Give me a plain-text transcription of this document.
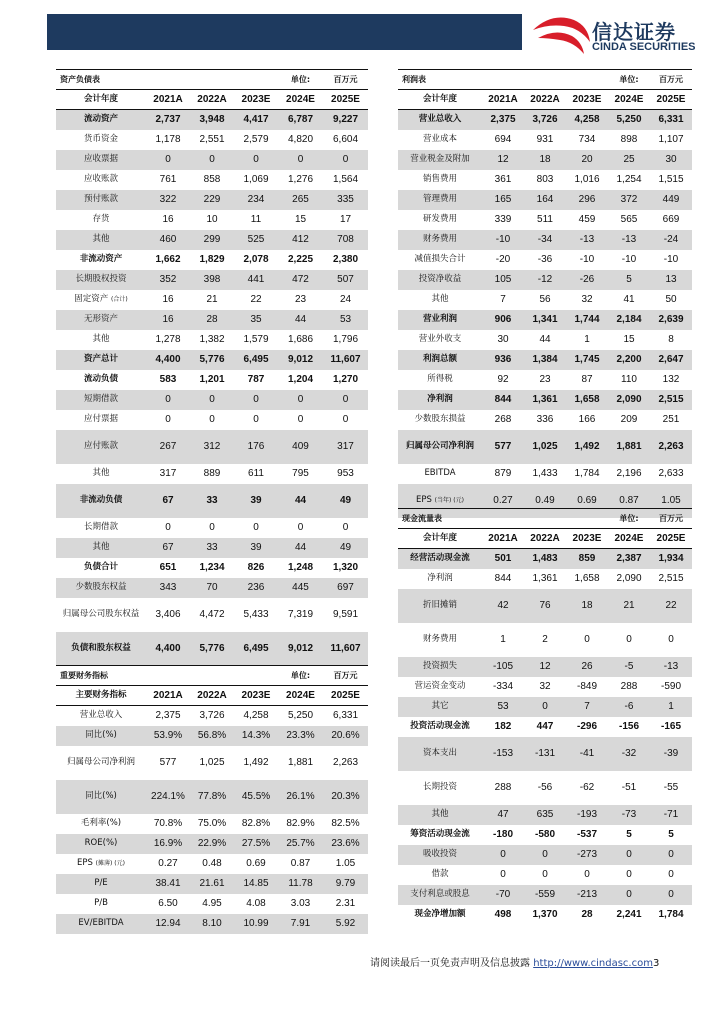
信达证券
CINDA SECURITIES
资产负债表				单位:	百万元
会计年度	2021A	2022A	2023E	2024E	2025E
流动资产	2,737	3,948	4,417	6,787	9,227
货币资金	1,178	2,551	2,579	4,820	6,604
应收票据	0	0	0	0	0
应收账款	761	858	1,069	1,276	1,564
预付账款	322	229	234	265	335
存货	16	10	11	15	17
其他	460	299	525	412	708
非流动资产	1,662	1,829	2,078	2,225	2,380
长期股权投资	352	398	441	472	507
固定资产 (合计)	16	21	22	23	24
无形资产	16	28	35	44	53
其他	1,278	1,382	1,579	1,686	1,796
资产总计	4,400	5,776	6,495	9,012	11,607
流动负债	583	1,201	787	1,204	1,270
短期借款	0	0	0	0	0
应付票据	0	0	0	0	0
应付账款	267	312	176	409	317
其他	317	889	611	795	953
非流动负债	67	33	39	44	49
长期借款	0	0	0	0	0
其他	67	33	39	44	49
负债合计	651	1,234	826	1,248	1,320
少数股东权益	343	70	236	445	697
归属母公司股东权益	3,406	4,472	5,433	7,319	9,591
负债和股东权益	4,400	5,776	6,495	9,012	11,607
重要财务指标				单位:	百万元
主要财务指标	2021A	2022A	2023E	2024E	2025E
营业总收入	2,375	3,726	4,258	5,250	6,331
同比(%)	53.9%	56.8%	14.3%	23.3%	20.6%
归属母公司净利润	577	1,025	1,492	1,881	2,263
同比(%)	224.1%	77.8%	45.5%	26.1%	20.3%
毛利率(%)	70.8%	75.0%	82.8%	82.9%	82.5%
ROE(%)	16.9%	22.9%	27.5%	25.7%	23.6%
EPS (摊薄) (元)	0.27	0.48	0.69	0.87	1.05
P/E	38.41	21.61	14.85	11.78	9.79
P/B	6.50	4.95	4.08	3.03	2.31
EV/EBITDA	12.94	8.10	10.99	7.91	5.92
利润表				单位:	百万元
会计年度	2021A	2022A	2023E	2024E	2025E
营业总收入	2,375	3,726	4,258	5,250	6,331
营业成本	694	931	734	898	1,107
营业税金及附加	12	18	20	25	30
销售费用	361	803	1,016	1,254	1,515
管理费用	165	164	296	372	449
研发费用	339	511	459	565	669
财务费用	-10	-34	-13	-13	-24
减值损失合计	-20	-36	-10	-10	-10
投资净收益	105	-12	-26	5	13
其他	7	56	32	41	50
营业利润	906	1,341	1,744	2,184	2,639
营业外收支	30	44	1	15	8
利润总额	936	1,384	1,745	2,200	2,647
所得税	92	23	87	110	132
净利润	844	1,361	1,658	2,090	2,515
少数股东损益	268	336	166	209	251
归属母公司净利润	577	1,025	1,492	1,881	2,263
EBITDA	879	1,433	1,784	2,196	2,633
EPS (当年) (元)	0.27	0.49	0.69	0.87	1.05
现金流量表				单位:	百万元
会计年度	2021A	2022A	2023E	2024E	2025E
经营活动现金流	501	1,483	859	2,387	1,934
净利润	844	1,361	1,658	2,090	2,515
折旧摊销	42	76	18	21	22
财务费用	1	2	0	0	0
投资损失	-105	12	26	-5	-13
营运资金变动	-334	32	-849	288	-590
其它	53	0	7	-6	1
投资活动现金流	182	447	-296	-156	-165
资本支出	-153	-131	-41	-32	-39
长期投资	288	-56	-62	-51	-55
其他	47	635	-193	-73	-71
筹资活动现金流	-180	-580	-537	5	5
吸收投资	0	0	-273	0	0
借款	0	0	0	0	0
支付利息或股息	-70	-559	-213	0	0
现金净增加额	498	1,370	28	2,241	1,784
请阅读最后一页免责声明及信息披露 http://www.cindasc.com3
